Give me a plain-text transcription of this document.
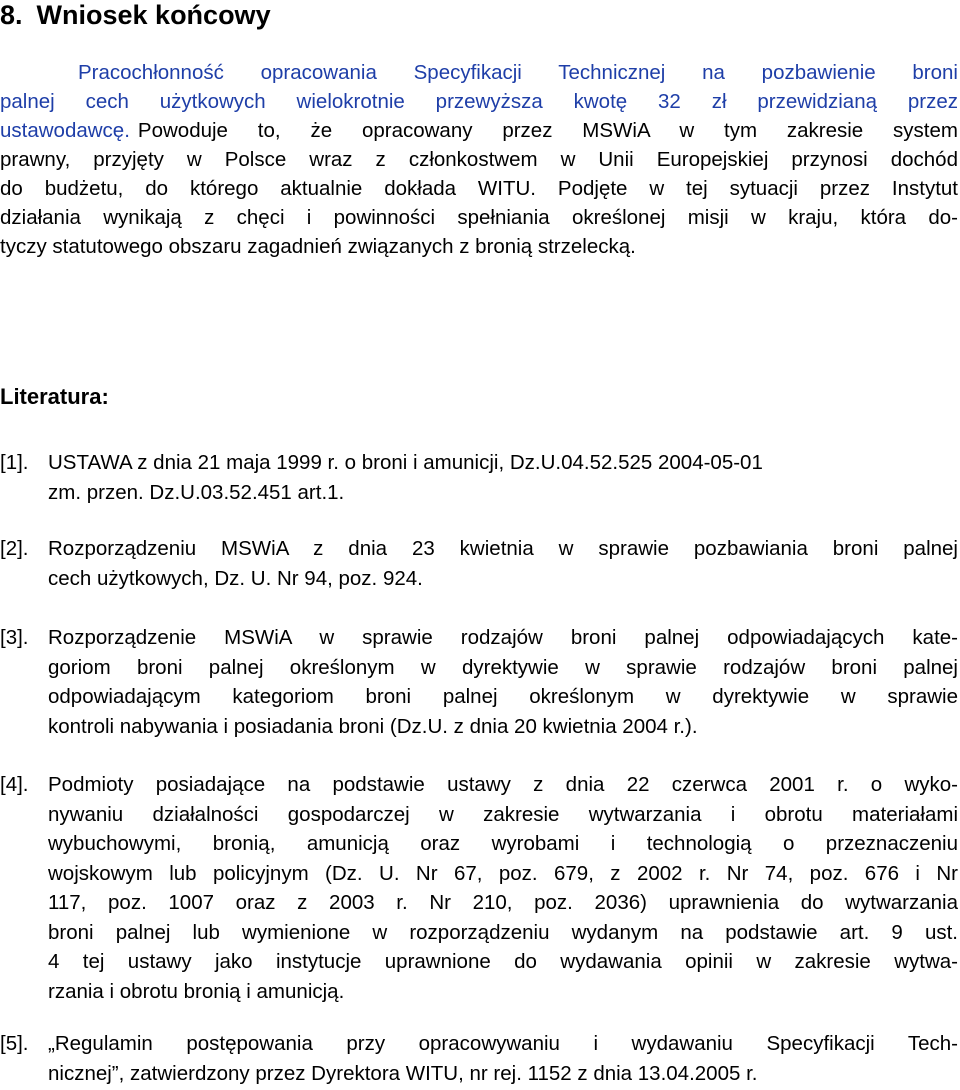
8. Wniosek końcowy
Pracochłonność opracowania Specyfikacji Technicznej na pozbawienie broni
palnej cech użytkowych wielokrotnie przewyższa kwotę 32 zł przewidzianą przez
ustawodawcę. Powoduje to, że opracowany przez MSWiA w tym zakresie system
prawny, przyjęty w Polsce wraz z członkostwem w Unii Europejskiej przynosi dochód
do budżetu, do którego aktualnie dokłada WITU. Podjęte w tej sytuacji przez Instytut
działania wynikają z chęci i powinności spełniania określonej misji w kraju, która do-
tyczy statutowego obszaru zagadnień związanych z bronią strzelecką.
Literatura:
[1]. USTAWA z dnia 21 maja 1999 r. o broni i amunicji, Dz.U.04.52.525 2004-05-01
zm. przen. Dz.U.03.52.451 art.1.
[2]. Rozporządzeniu MSWiA z dnia 23 kwietnia w sprawie pozbawiania broni palnej
cech użytkowych, Dz. U. Nr 94, poz. 924.
[3]. Rozporządzenie MSWiA w sprawie rodzajów broni palnej odpowiadających kate-
goriom broni palnej określonym w dyrektywie w sprawie rodzajów broni palnej
odpowiadającym kategoriom broni palnej określonym w dyrektywie w sprawie
kontroli nabywania i posiadania broni (Dz.U. z dnia 20 kwietnia 2004 r.).
[4]. Podmioty posiadające na podstawie ustawy z dnia 22 czerwca 2001 r. o wyko-
nywaniu działalności gospodarczej w zakresie wytwarzania i obrotu materiałami
wybuchowymi, bronią, amunicją oraz wyrobami i technologią o przeznaczeniu
wojskowym lub policyjnym (Dz. U. Nr 67, poz. 679, z 2002 r. Nr 74, poz. 676 i Nr
117, poz. 1007 oraz z 2003 r. Nr 210, poz. 2036) uprawnienia do wytwarzania
broni palnej lub wymienione w rozporządzeniu wydanym na podstawie art. 9 ust.
4 tej ustawy jako instytucje uprawnione do wydawania opinii w zakresie wytwa-
rzania i obrotu bronią i amunicją.
[5]. „Regulamin postępowania przy opracowywaniu i wydawaniu Specyfikacji Tech-
nicznej”, zatwierdzony przez Dyrektora WITU, nr rej. 1152 z dnia 13.04.2005 r.
